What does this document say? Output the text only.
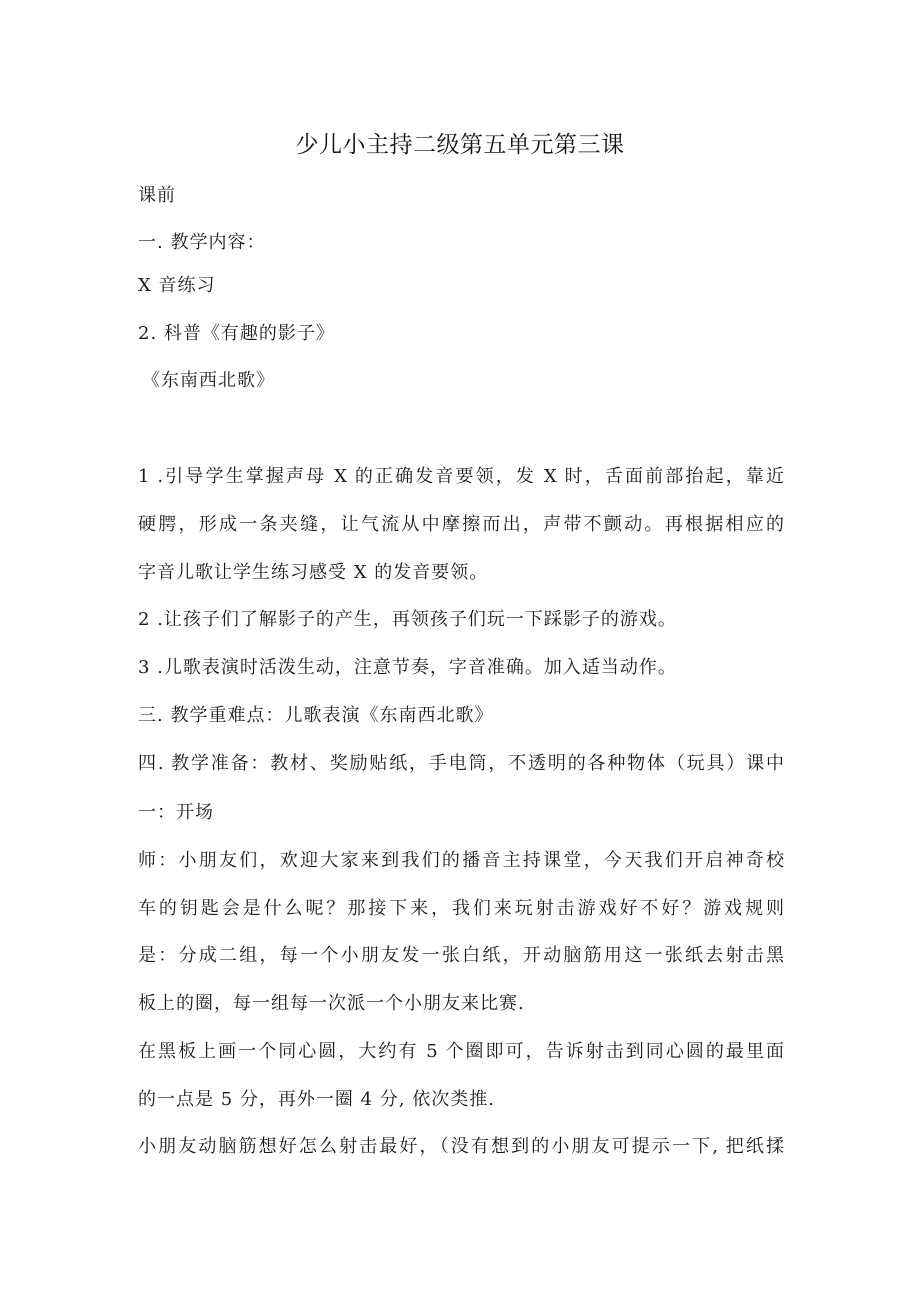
少儿小主持二级第五单元第三课
课前
一. 教学内容：
X 音练习
2. 科普《有趣的影子》
《东南西北歌》
1 .引导学生掌握声母 X 的正确发音要领，发 X 时，舌面前部抬起，靠近
硬腭，形成一条夹缝，让气流从中摩擦而出，声带不颤动。再根据相应的
字音儿歌让学生练习感受 X 的发音要领。
2 .让孩子们了解影子的产生，再领孩子们玩一下踩影子的游戏。
3 .儿歌表演时活泼生动，注意节奏，字音准确。加入适当动作。
三. 教学重难点：儿歌表演《东南西北歌》
四. 教学准备：教材、奖励贴纸，手电筒，不透明的各种物体（玩具）课中
一：开场
师：小朋友们，欢迎大家来到我们的播音主持课堂，今天我们开启神奇校
车的钥匙会是什么呢？那接下来，我们来玩射击游戏好不好？游戏规则
是：分成二组，每一个小朋友发一张白纸，开动脑筋用这一张纸去射击黑
板上的圈，每一组每一次派一个小朋友来比赛.
在黑板上画一个同心圆，大约有 5 个圈即可，告诉射击到同心圆的最里面
的一点是 5 分，再外一圈 4 分, 依次类推.
小朋友动脑筋想好怎么射击最好，（没有想到的小朋友可提示一下, 把纸揉
